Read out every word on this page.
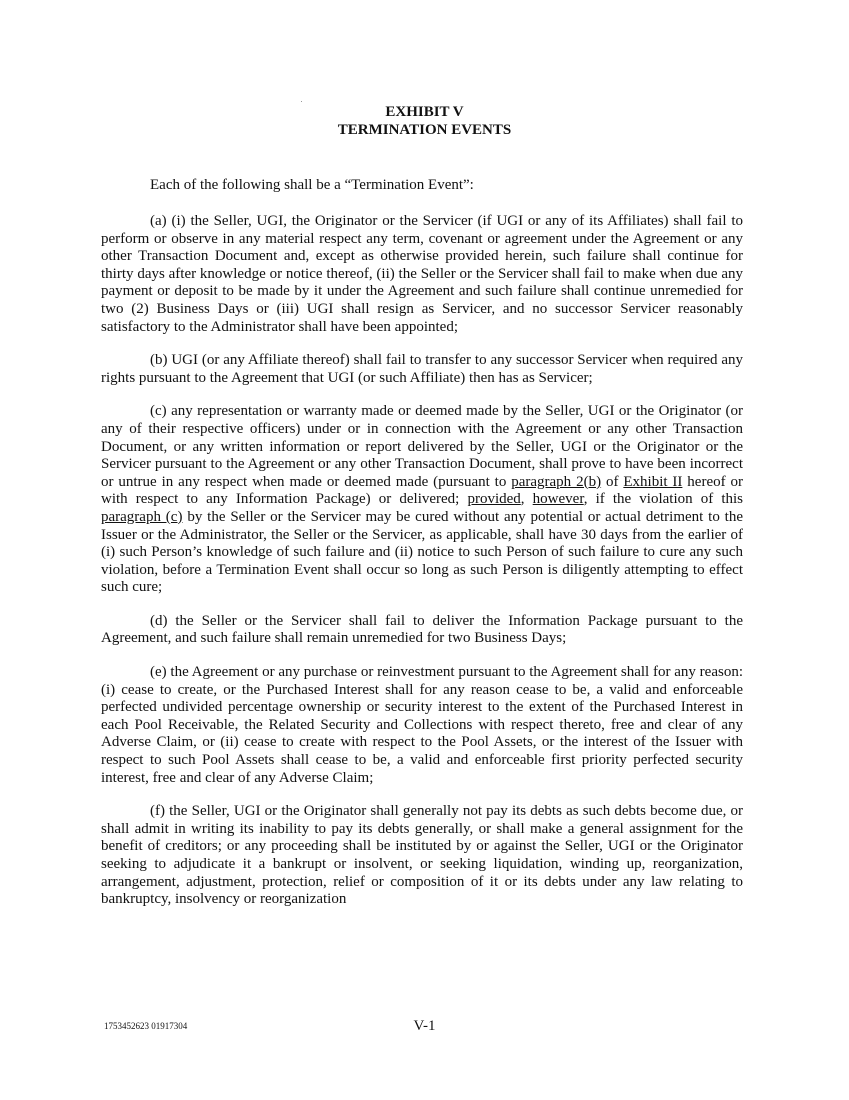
EXHIBIT V
TERMINATION EVENTS
Each of the following shall be a “Termination Event”:

(a) (i) the Seller, UGI, the Originator or the Servicer (if UGI or any of its Affiliates) shall fail to perform or observe in any material respect any term, covenant or agreement under the Agreement or any other Transaction Document and, except as otherwise provided herein, such failure shall continue for thirty days after knowledge or notice thereof, (ii) the Seller or the Servicer shall fail to make when due any payment or deposit to be made by it under the Agreement and such failure shall continue unremedied for two (2) Business Days or (iii) UGI shall resign as Servicer, and no successor Servicer reasonably satisfactory to the Administrator shall have been appointed;

(b) UGI (or any Affiliate thereof) shall fail to transfer to any successor Servicer when required any rights pursuant to the Agreement that UGI (or such Affiliate) then has as Servicer;

(c) any representation or warranty made or deemed made by the Seller, UGI or the Originator (or any of their respective officers) under or in connection with the Agreement or any other Transaction Document, or any written information or report delivered by the Seller, UGI or the Originator or the Servicer pursuant to the Agreement or any other Transaction Document, shall prove to have been incorrect or untrue in any respect when made or deemed made (pursuant to paragraph 2(b) of Exhibit II hereof or with respect to any Information Package) or delivered; provided, however, if the violation of this paragraph (c) by the Seller or the Servicer may be cured without any potential or actual detriment to the Issuer or the Administrator, the Seller or the Servicer, as applicable, shall have 30 days from the earlier of (i) such Person’s knowledge of such failure and (ii) notice to such Person of such failure to cure any such violation, before a Termination Event shall occur so long as such Person is diligently attempting to effect such cure;

(d) the Seller or the Servicer shall fail to deliver the Information Package pursuant to the Agreement, and such failure shall remain unremedied for two Business Days;

(e) the Agreement or any purchase or reinvestment pursuant to the Agreement shall for any reason: (i) cease to create, or the Purchased Interest shall for any reason cease to be, a valid and enforceable perfected undivided percentage ownership or security interest to the extent of the Purchased Interest in each Pool Receivable, the Related Security and Collections with respect thereto, free and clear of any Adverse Claim, or (ii) cease to create with respect to the Pool Assets, or the interest of the Issuer with respect to such Pool Assets shall cease to be, a valid and enforceable first priority perfected security interest, free and clear of any Adverse Claim;

(f) the Seller, UGI or the Originator shall generally not pay its debts as such debts become due, or shall admit in writing its inability to pay its debts generally, or shall make a general assignment for the benefit of creditors; or any proceeding shall be instituted by or against the Seller, UGI or the Originator seeking to adjudicate it a bankrupt or insolvent, or seeking liquidation, winding up, reorganization, arrangement, adjustment, protection, relief or composition of it or its debts under any law relating to bankruptcy, insolvency or reorganization

1753452623 01917304	V-1
